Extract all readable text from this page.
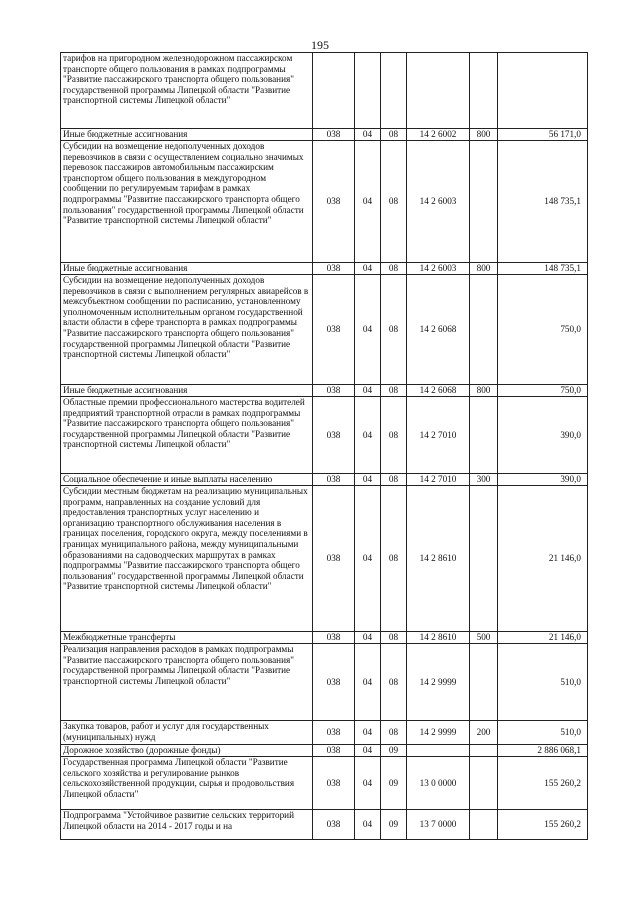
195
тарифов на пригородном железнодорожном пассажирском транспорте общего пользования в рамках подпрограммы "Развитие пассажирского транспорта общего пользования" государственной программы Липецкой области "Развитие транспортной системы Липецкой области"						
Иные бюджетные ассигнования	038	04	08	14 2 6002	800	56 171,0
Субсидии на возмещение недополученных доходов перевозчиков в связи с осуществлением социально значимых перевозок пассажиров автомобильным пассажирским транспортом общего пользования в междугородном сообщении по регулируемым тарифам в рамках подпрограммы "Развитие пассажирского транспорта общего пользования" государственной программы Липецкой области "Развитие транспортной системы Липецкой области"	038	04	08	14 2 6003		148 735,1
Иные бюджетные ассигнования	038	04	08	14 2 6003	800	148 735,1
Субсидии на возмещение недополученных доходов перевозчиков в связи с выполнением регулярных авиарейсов в межсубъектном сообщении по расписанию, установленному уполномоченным исполнительным органом государственной власти области в сфере транспорта в рамках подпрограммы "Развитие пассажирского транспорта общего пользования" государственной программы Липецкой области "Развитие транспортной системы Липецкой области"	038	04	08	14 2 6068		750,0
Иные бюджетные ассигнования	038	04	08	14 2 6068	800	750,0
Областные премии профессионального мастерства водителей предприятий транспортной отрасли в рамках подпрограммы "Развитие пассажирского транспорта общего пользования" государственной программы Липецкой области "Развитие транспортной системы Липецкой области"	038	04	08	14 2 7010		390,0
Социальное обеспечение и иные выплаты населению	038	04	08	14 2 7010	300	390,0
Субсидии местным бюджетам на реализацию муниципальных программ, направленных на создание условий для предоставления транспортных услуг населению и организацию транспортного обслуживания населения в границах поселения, городского округа, между поселениями в границах муниципального района, между муниципальными образованиями на садоводческих маршрутах в рамках подпрограммы "Развитие пассажирского транспорта общего пользования" государственной программы Липецкой области "Развитие транспортной системы Липецкой области"	038	04	08	14 2 8610		21 146,0
Межбюджетные трансферты	038	04	08	14 2 8610	500	21 146,0
Реализация направления расходов в рамках подпрограммы "Развитие пассажирского транспорта общего пользования" государственной программы Липецкой области "Развитие транспортной системы Липецкой области"	038	04	08	14 2 9999		510,0
Закупка товаров, работ и услуг для государственных (муниципальных) нужд	038	04	08	14 2 9999	200	510,0
Дорожное хозяйство (дорожные фонды)	038	04	09			2 886 068,1
Государственная программа Липецкой области "Развитие сельского хозяйства и регулирование рынков сельскохозяйственной продукции, сырья и продовольствия Липецкой области"	038	04	09	13 0 0000		155 260,2
Подпрограмма "Устойчивое развитие сельских территорий Липецкой области на 2014 - 2017 годы и на	038	04	09	13 7 0000		155 260,2
